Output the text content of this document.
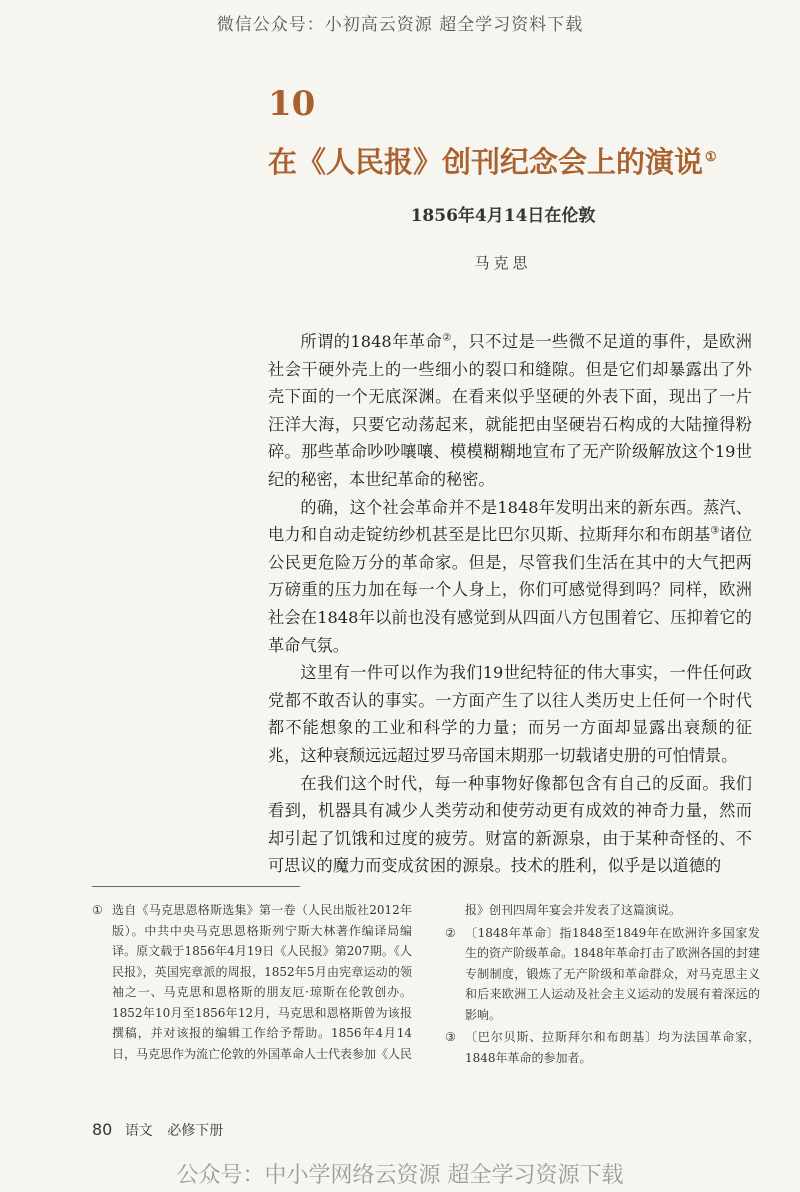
微信公众号：小初高云资源 超全学习资料下载
10
在《人民报》创刊纪念会上的演说 ①
1856年4月14日在伦敦
马克思

所谓的1848年革命②，只不过是一些微不足道的事件，是欧洲社会干硬外壳上的一些细小的裂口和缝隙。但是它们却暴露出了外壳下面的一个无底深渊。在看来似乎坚硬的外表下面，现出了一片汪洋大海，只要它动荡起来，就能把由坚硬岩石构成的大陆撞得粉碎。那些革命吵吵嚷嚷、模模糊糊地宣布了无产阶级解放这个19世纪的秘密，本世纪革命的秘密。

的确，这个社会革命并不是1848年发明出来的新东西。蒸汽、电力和自动走锭纺纱机甚至是比巴尔贝斯、拉斯拜尔和布朗基③诸位公民更危险万分的革命家。但是，尽管我们生活在其中的大气把两万磅重的压力加在每一个人身上，你们可感觉得到吗？同样，欧洲社会在1848年以前也没有感觉到从四面八方包围着它、压抑着它的革命气氛。

这里有一件可以作为我们19世纪特征的伟大事实，一件任何政党都不敢否认的事实。一方面产生了以往人类历史上任何一个时代都不能想象的工业和科学的力量；而另一方面却显露出衰颓的征兆，这种衰颓远远超过罗马帝国末期那一切载诸史册的可怕情景。

在我们这个时代，每一种事物好像都包含有自己的反面。我们看到，机器具有减少人类劳动和使劳动更有成效的神奇力量，然而却引起了饥饿和过度的疲劳。财富的新源泉，由于某种奇怪的、不可思议的魔力而变成贫困的源泉。技术的胜利，似乎是以道德的

① 选自《马克思恩格斯选集》第一卷（人民出版社2012年版）。中共中央马克思恩格斯列宁斯大林著作编译局编译。原文载于1856年4月19日《人民报》第207期。《人民报》，英国宪章派的周报，1852年5月由宪章运动的领袖之一、马克思和恩格斯的朋友厄·琼斯在伦敦创办。1852年10月至1856年12月，马克思和恩格斯曾为该报撰稿，并对该报的编辑工作给予帮助。1856年4月14日，马克思作为流亡伦敦的外国革命人士代表参加《人民
报》创刊四周年宴会并发表了这篇演说。
② 〔1848年革命〕指1848至1849年在欧洲许多国家发生的资产阶级革命。1848年革命打击了欧洲各国的封建专制制度，锻炼了无产阶级和革命群众，对马克思主义和后来欧洲工人运动及社会主义运动的发展有着深远的影响。
③ 〔巴尔贝斯、拉斯拜尔和布朗基〕均为法国革命家，1848年革命的参加者。
80 语文 必修下册
公众号：中小学网络云资源 超全学习资源下载
